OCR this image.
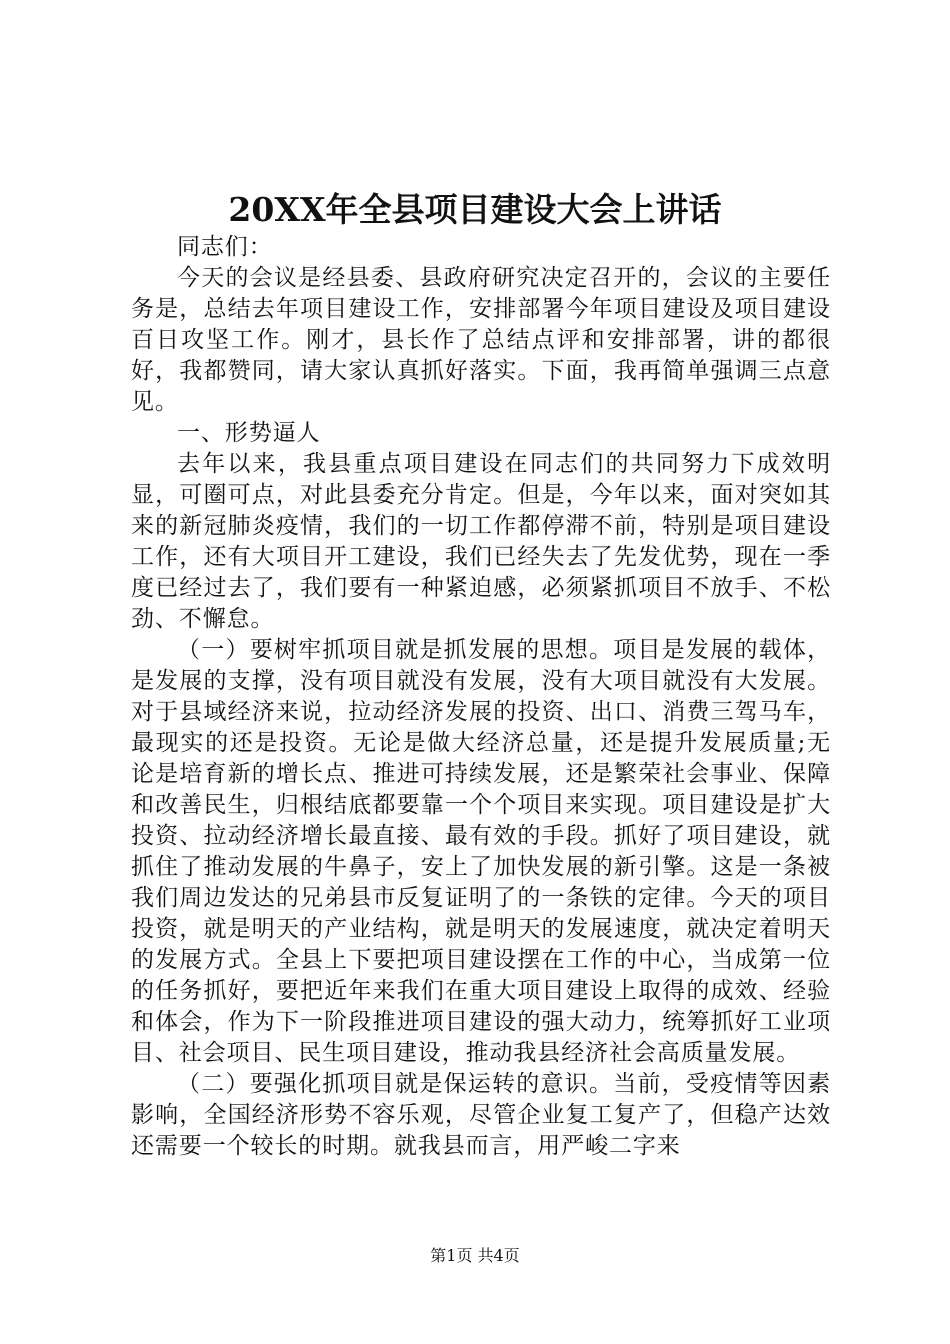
20XX年全县项目建设大会上讲话

同志们：

今天的会议是经县委、县政府研究决定召开的，会议的主要任务是，总结去年项目建设工作，安排部署今年项目建设及项目建设百日攻坚工作。刚才，县长作了总结点评和安排部署，讲的都很好，我都赞同，请大家认真抓好落实。下面，我再简单强调三点意见。

一、形势逼人

去年以来，我县重点项目建设在同志们的共同努力下成效明显，可圈可点，对此县委充分肯定。但是，今年以来，面对突如其来的新冠肺炎疫情，我们的一切工作都停滞不前，特别是项目建设工作，还有大项目开工建设，我们已经失去了先发优势，现在一季度已经过去了，我们要有一种紧迫感，必须紧抓项目不放手、不松劲、不懈怠。

（一）要树牢抓项目就是抓发展的思想。项目是发展的载体，是发展的支撑，没有项目就没有发展，没有大项目就没有大发展。对于县域经济来说，拉动经济发展的投资、出口、消费三驾马车，最现实的还是投资。无论是做大经济总量，还是提升发展质量;无论是培育新的增长点、推进可持续发展，还是繁荣社会事业、保障和改善民生，归根结底都要靠一个个项目来实现。项目建设是扩大投资、拉动经济增长最直接、最有效的手段。抓好了项目建设，就抓住了推动发展的牛鼻子，安上了加快发展的新引擎。这是一条被我们周边发达的兄弟县市反复证明了的一条铁的定律。今天的项目投资，就是明天的产业结构，就是明天的发展速度，就决定着明天的发展方式。全县上下要把项目建设摆在工作的中心，当成第一位的任务抓好，要把近年来我们在重大项目建设上取得的成效、经验和体会，作为下一阶段推进项目建设的强大动力，统筹抓好工业项目、社会项目、民生项目建设，推动我县经济社会高质量发展。

（二）要强化抓项目就是保运转的意识。当前，受疫情等因素影响，全国经济形势不容乐观，尽管企业复工复产了，但稳产达效还需要一个较长的时期。就我县而言，用严峻二字来

第1页 共4页
